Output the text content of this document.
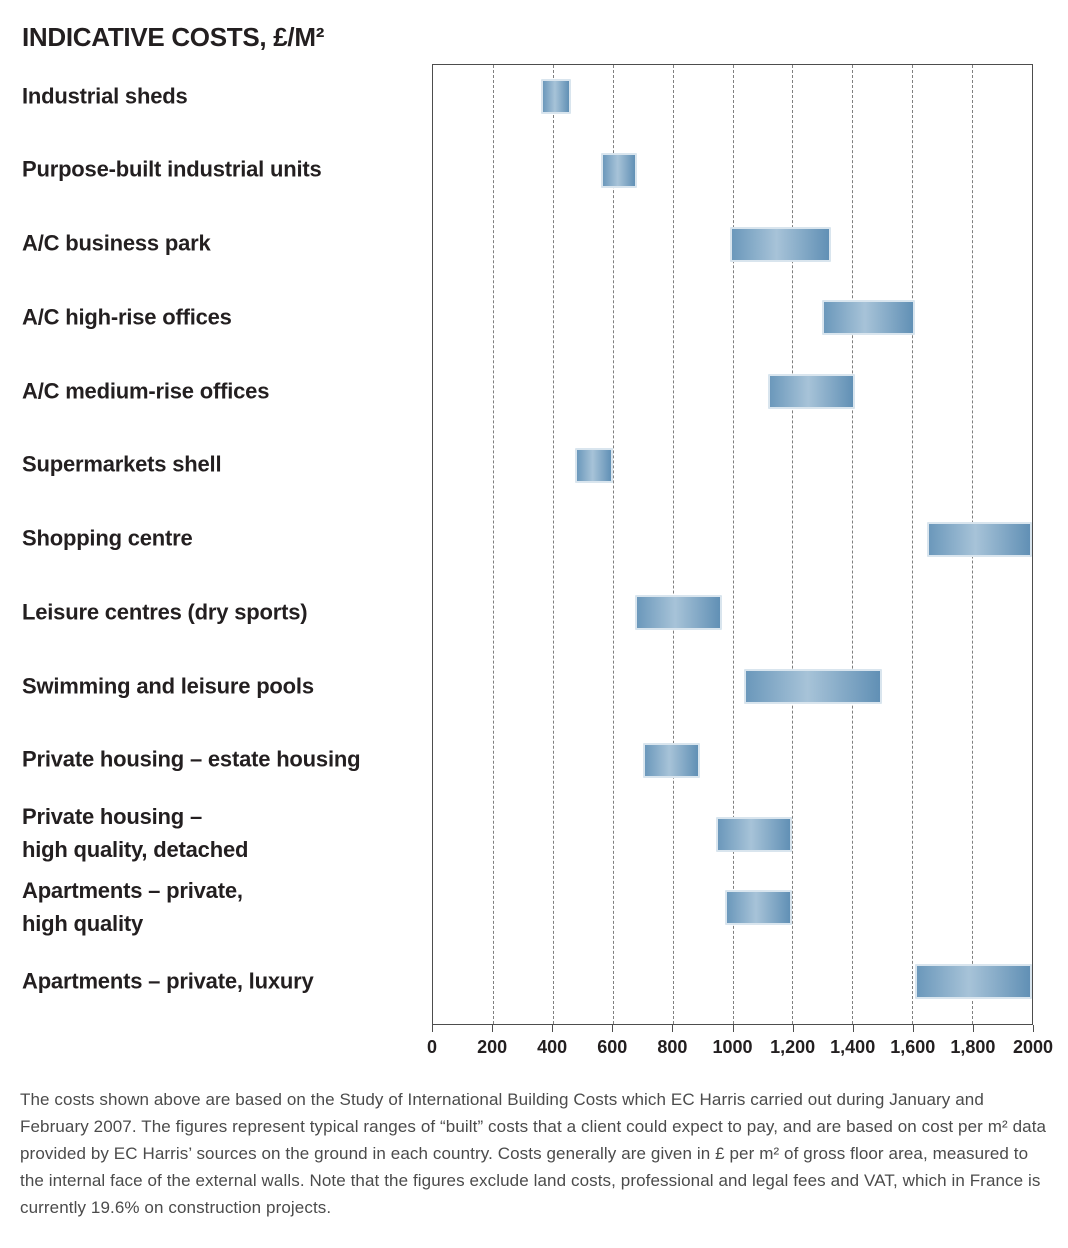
INDICATIVE COSTS, £/M²
Industrial sheds
Purpose-built industrial units
A/C business park
A/C high-rise offices
A/C medium-rise offices
Supermarkets shell
Shopping centre
Leisure centres (dry sports)
Swimming and leisure pools
Private housing – estate housing
Private housing –
high quality, detached
Apartments – private,
high quality
Apartments – private, luxury
0 200 400 600 800 1000 1,200 1,400 1,600 1,800 2000
The costs shown above are based on the Study of International Building Costs which EC Harris carried out during January and February 2007. The figures represent typical ranges of “built” costs that a client could expect to pay, and are based on cost per m² data provided by EC Harris’ sources on the ground in each country. Costs generally are given in £ per m² of gross floor area, measured to the internal face of the external walls. Note that the figures exclude land costs, professional and legal fees and VAT, which in France is currently 19.6% on construction projects.
